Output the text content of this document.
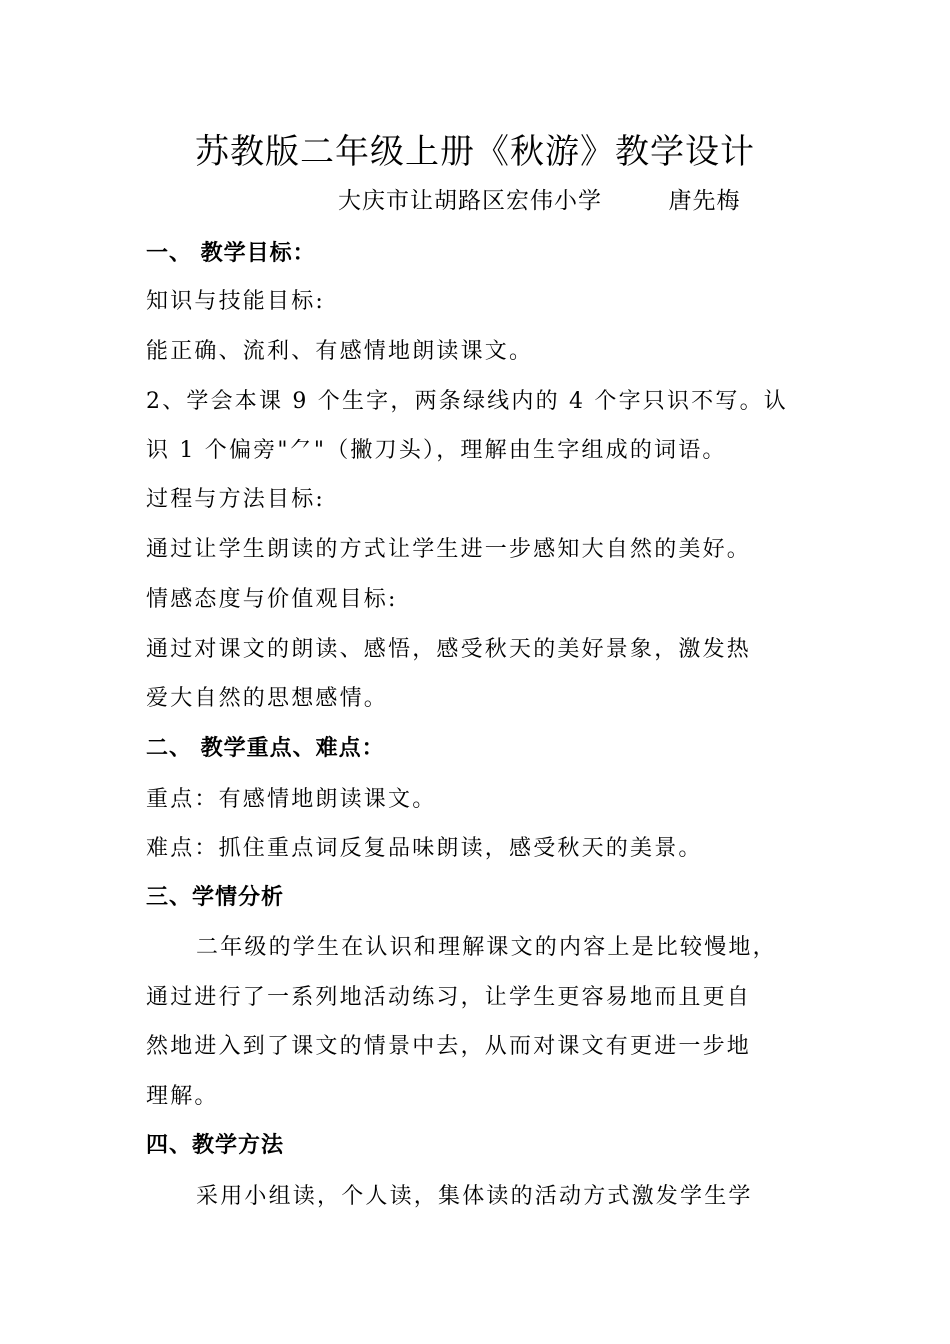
苏教版二年级上册《秋游》教学设计
大庆市让胡路区宏伟小学        唐先梅
一、 教学目标：
知识与技能目标:
能正确、流利、有感情地朗读课文。
2、学会本课 9 个生字，两条绿线内的 4 个字只识不写。认
识 1 个偏旁"⺈"（撇刀头），理解由生字组成的词语。
过程与方法目标:
通过让学生朗读的方式让学生进一步感知大自然的美好。
情感态度与价值观目标:
通过对课文的朗读、感悟，感受秋天的美好景象，激发热
爱大自然的思想感情。
二、 教学重点、难点：
重点：有感情地朗读课文。
难点：抓住重点词反复品味朗读，感受秋天的美景。
三、学情分析
二年级的学生在认识和理解课文的内容上是比较慢地，
通过进行了一系列地活动练习，让学生更容易地而且更自
然地进入到了课文的情景中去，从而对课文有更进一步地
理解。
四、教学方法
采用小组读，个人读，集体读的活动方式激发学生学
